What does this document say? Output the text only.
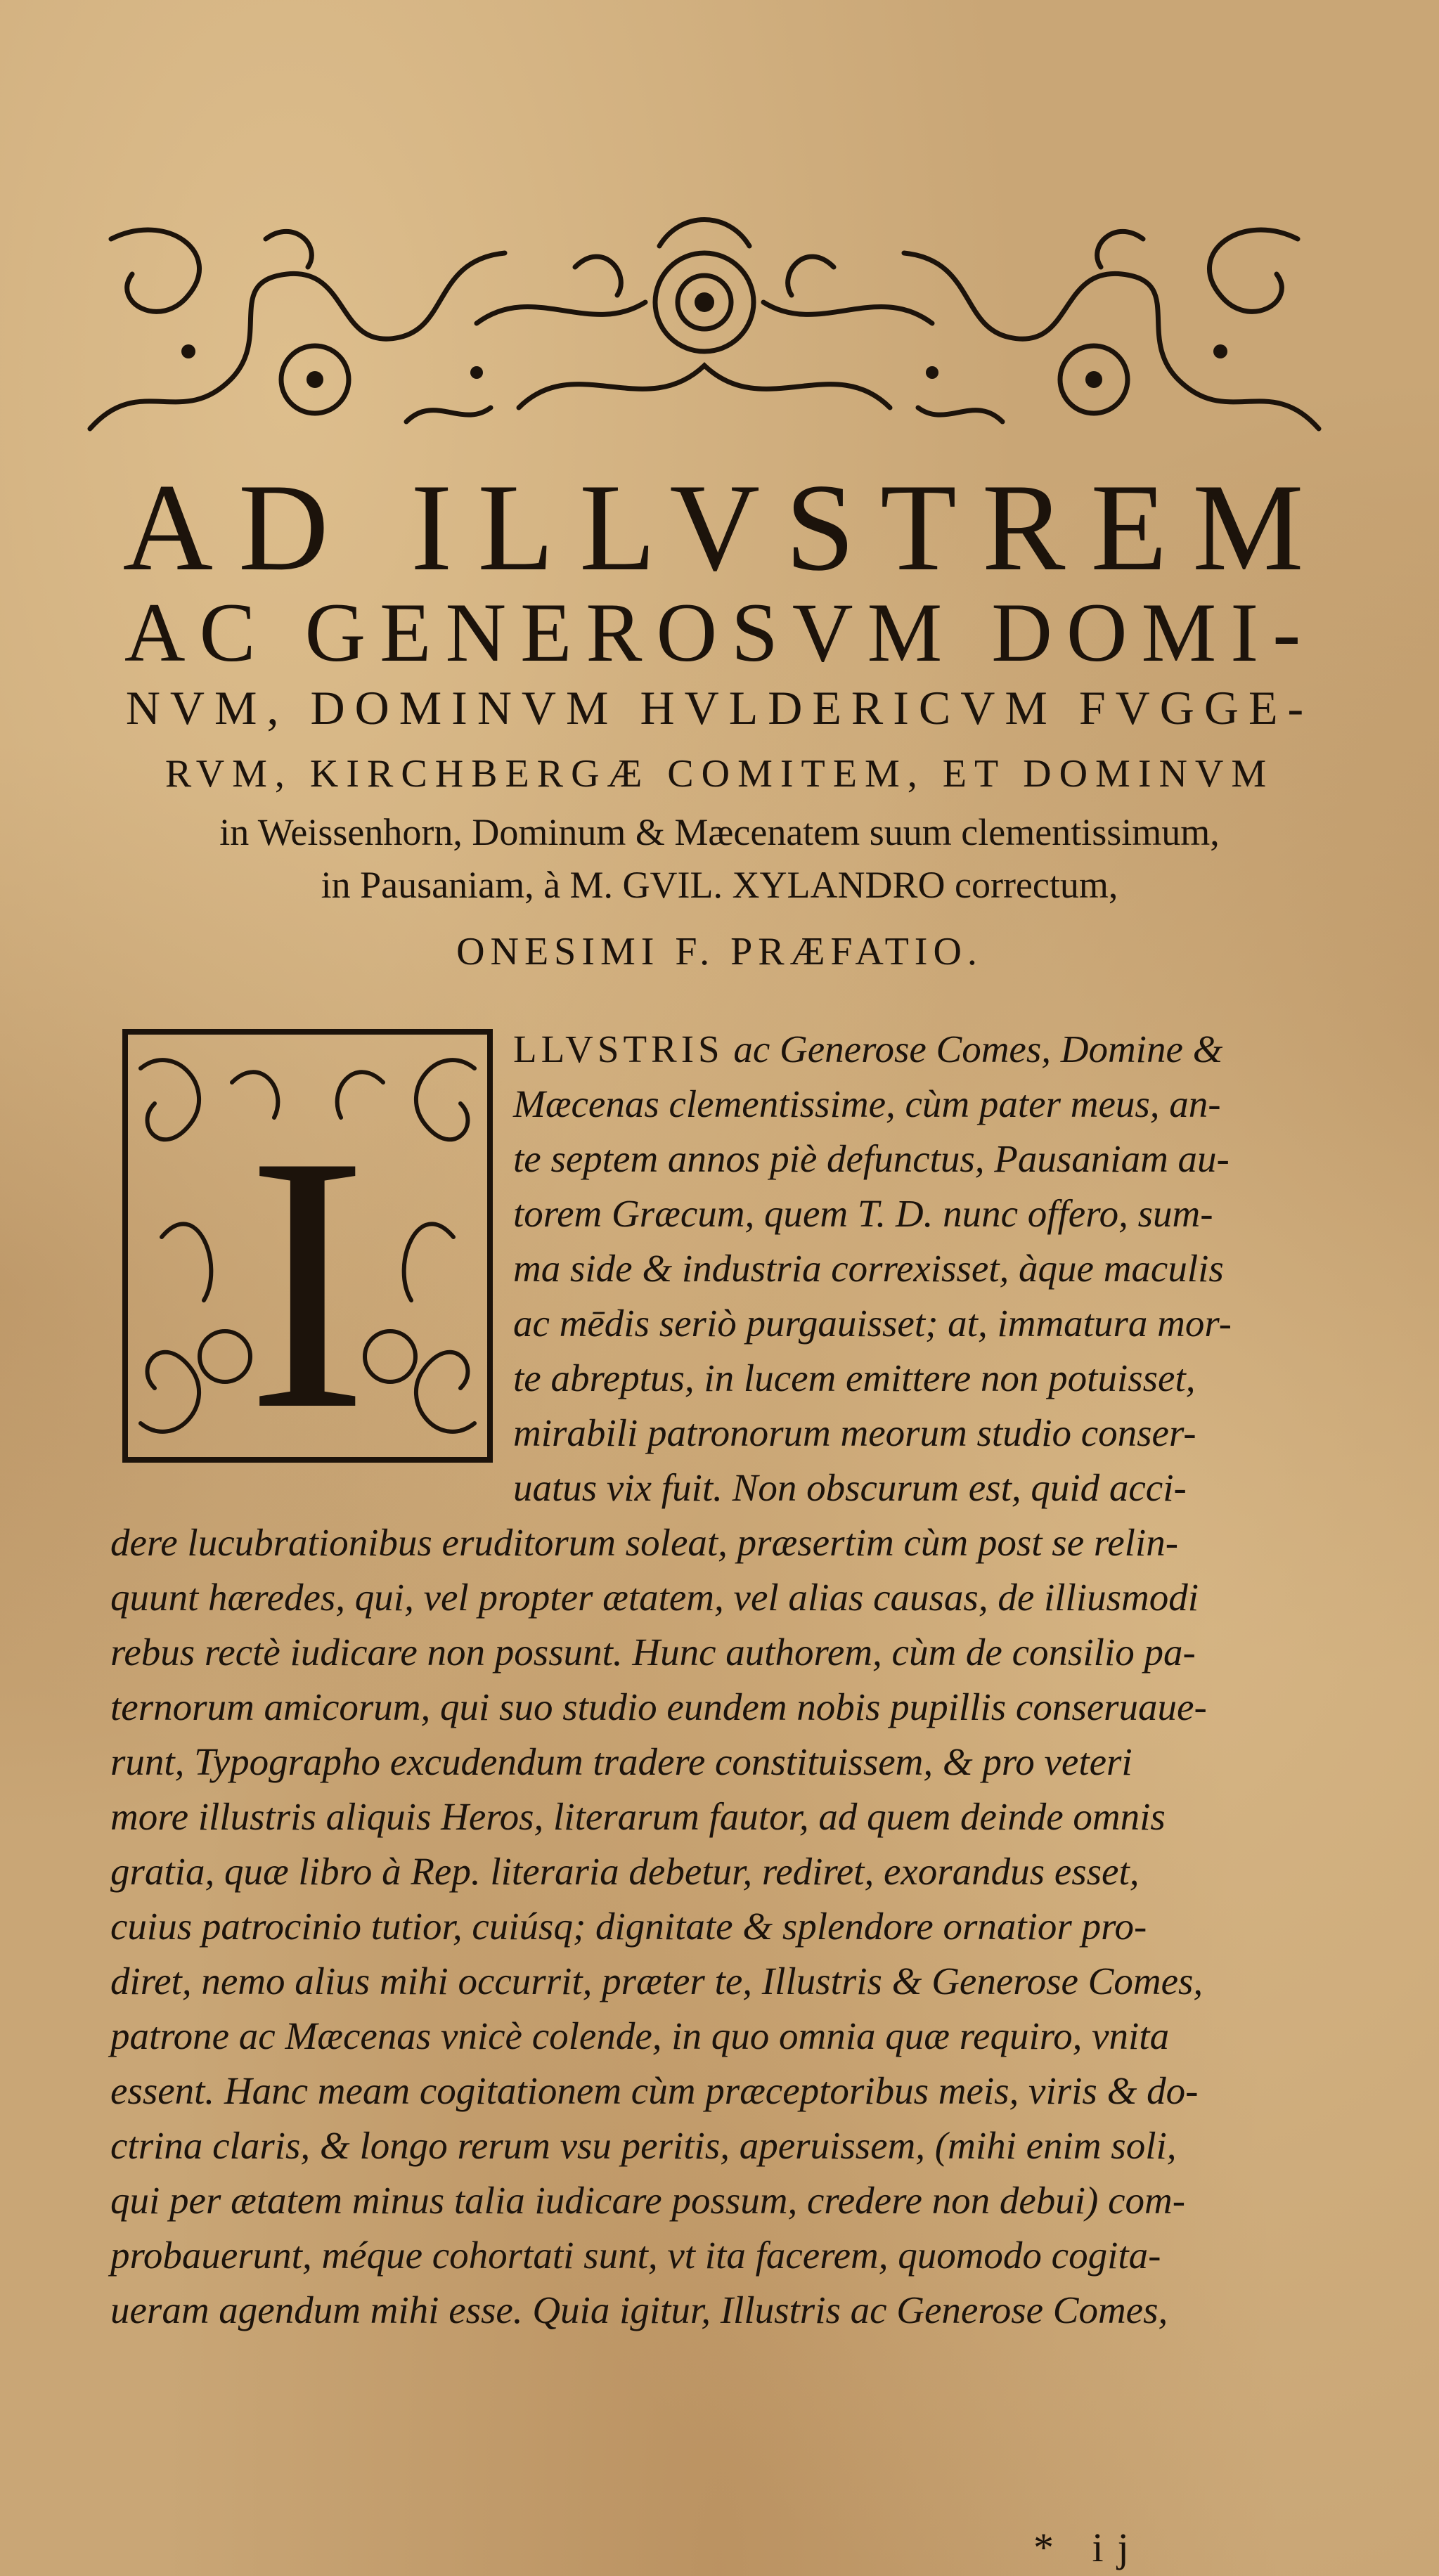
AD ILLVSTREM
AC GENEROSVM DOMI-
NVM, DOMINVM HVLDERICVM FVGGE-
RVM, KIRCHBERGÆ COMITEM, ET DOMINVM
in Weissenhorn, Dominum & Mæcenatem suum clementissimum,
in Pausaniam, à M. GVIL. XYLANDRO correctum,
ONESIMI F. PRÆFATIO.
I
LLVSTRIS ac Generose Comes, Domine &
Mæcenas clementissime, cùm pater meus, an-
te septem annos piè defunctus, Pausaniam au-
torem Græcum, quem T. D. nunc offero, sum-
ma side & industria correxisset, àque maculis
ac mēdis seriò purgauisset; at, immatura mor-
te abreptus, in lucem emittere non potuisset,
mirabili patronorum meorum studio conser-
uatus vix fuit. Non obscurum est, quid acci-
dere lucubrationibus eruditorum soleat, præsertim cùm post se relin-
quunt hæredes, qui, vel propter ætatem, vel alias causas, de illiusmodi
rebus rectè iudicare non possunt. Hunc authorem, cùm de consilio pa-
ternorum amicorum, qui suo studio eundem nobis pupillis conseruaue-
runt, Typographo excudendum tradere constituissem, & pro veteri
more illustris aliquis Heros, literarum fautor, ad quem deinde omnis
gratia, quæ libro à Rep. literaria debetur, rediret, exorandus esset,
cuius patrocinio tutior, cuiúsq; dignitate & splendore ornatior pro-
diret, nemo alius mihi occurrit, præter te, Illustris & Generose Comes,
patrone ac Mæcenas vnicè colende, in quo omnia quæ requiro, vnita
essent. Hanc meam cogitationem cùm præceptoribus meis, viris & do-
ctrina claris, & longo rerum vsu peritis, aperuissem, (mihi enim soli,
qui per ætatem minus talia iudicare possum, credere non debui) com-
probauerunt, méque cohortati sunt, vt ita facerem, quomodo cogita-
ueram agendum mihi esse. Quia igitur, Illustris ac Generose Comes,
* ij
